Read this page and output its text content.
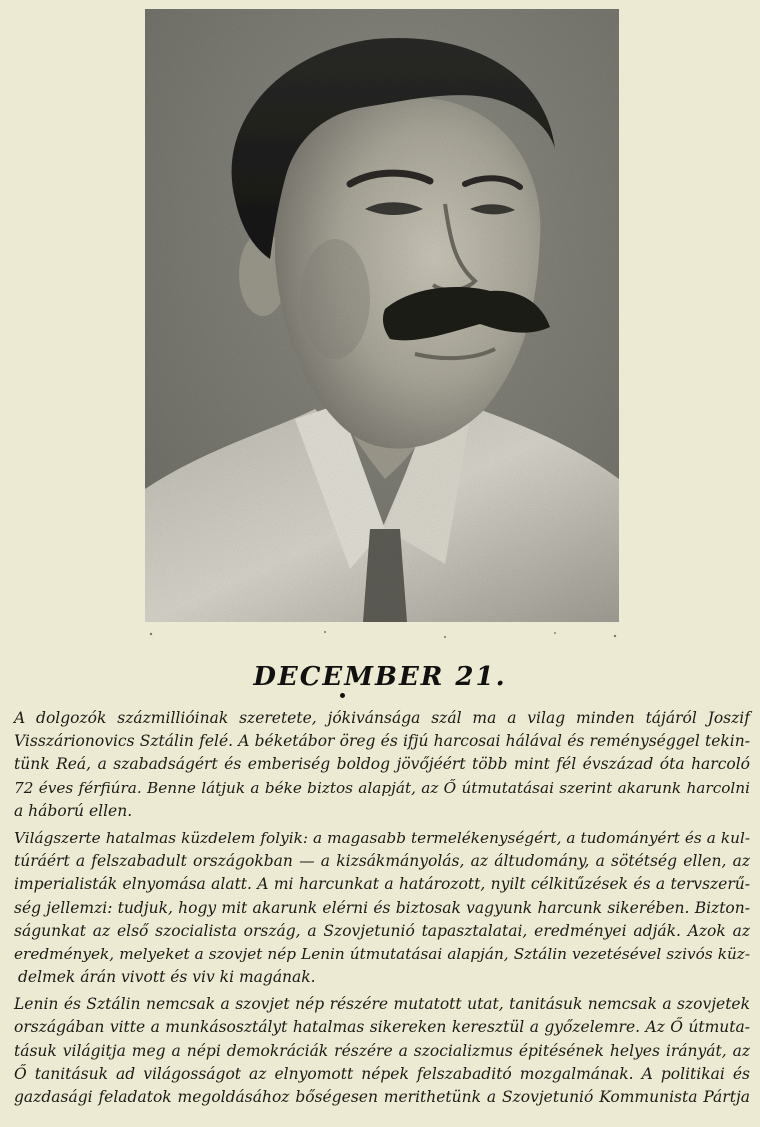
DECEMBER 21.
A dolgozók százmillióinak szeretete, jókivánsága szál ma a vilag minden tájáról Joszif
Visszárionovics Sztálin felé. A béketábor öreg és ifjú harcosai hálával és reménységgel tekin-
tünk Reá, a szabadságért és emberiség boldog jövőjéért több mint fél évszázad óta harcoló
72 éves férfiúra. Benne látjuk a béke biztos alapját, az Ő útmutatásai szerint akarunk harcolni
a háború ellen.
Világszerte hatalmas küzdelem folyik: a magasabb termelékenységért, a tudományért és a kul-
túráért a felszabadult országokban — a kizsákmányolás, az áltudomány, a sötétség ellen, az
imperialisták elnyomása alatt. A mi harcunkat a határozott, nyilt célkitűzések és a tervszerű-
ség jellemzi: tudjuk, hogy mit akarunk elérni és biztosak vagyunk harcunk sikerében. Bizton-
ságunkat az első szocialista ország, a Szovjetunió tapasztalatai, eredményei adják. Azok az
eredmények, melyeket a szovjet nép Lenin útmutatásai alapján, Sztálin vezetésével szivós küz-
delmek árán vivott és viv ki magának.
Lenin és Sztálin nemcsak a szovjet nép részére mutatott utat, tanitásuk nemcsak a szovjetek
országában vitte a munkásosztályt hatalmas sikereken keresztül a győzelemre. Az Ő útmuta-
tásuk világitja meg a népi demokráciák részére a szocializmus épitésének helyes irányát, az
Ő tanitásuk ad világosságot az elnyomott népek felszabaditó mozgalmának. A politikai és
gazdasági feladatok megoldásához bőségesen merithetünk a Szovjetunió Kommunista Pártja
